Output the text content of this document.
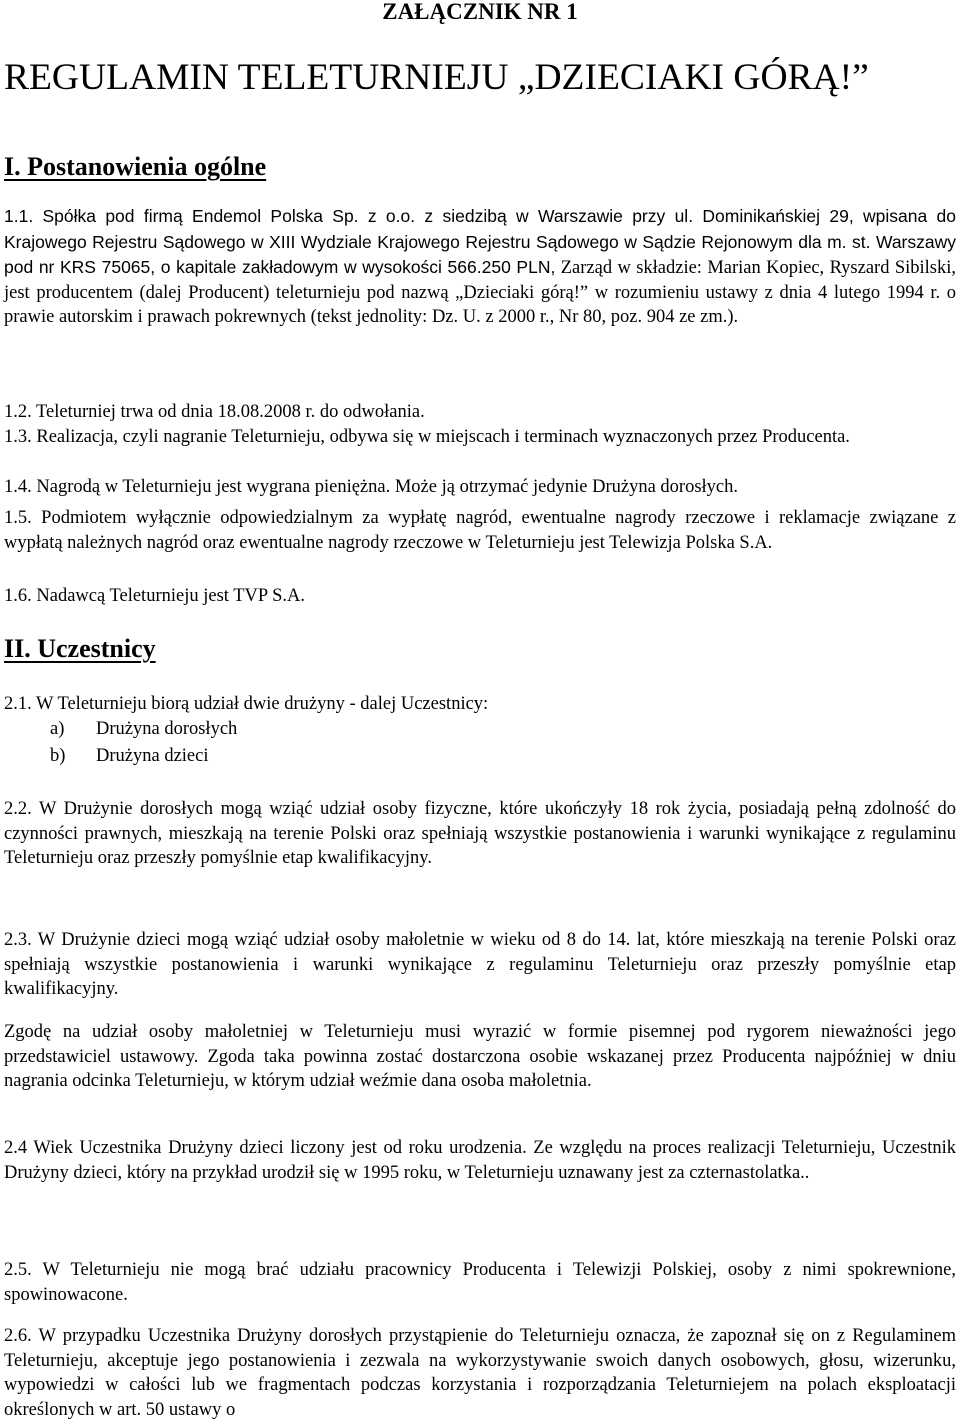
ZAŁĄCZNIK NR 1
REGULAMIN TELETURNIEJU „DZIECIAKI GÓRĄ!”
I. Postanowienia ogólne
1.1. Spółka pod firmą Endemol Polska Sp. z o.o. z siedzibą w Warszawie przy ul. Dominikańskiej 29, wpisana do Krajowego Rejestru Sądowego w XIII Wydziale Krajowego Rejestru Sądowego w Sądzie Rejonowym dla m. st. Warszawy pod nr KRS 75065, o kapitale zakładowym w wysokości 566.250 PLN, Zarząd w składzie: Marian Kopiec, Ryszard Sibilski, jest producentem (dalej Producent) teleturnieju pod nazwą „Dzieciaki górą!” w rozumieniu ustawy z dnia 4 lutego 1994 r. o prawie autorskim i prawach pokrewnych (tekst jednolity: Dz. U. z 2000 r., Nr 80, poz. 904 ze zm.).
1.2. Teleturniej trwa od dnia 18.08.2008 r. do odwołania.
1.3. Realizacja, czyli nagranie Teleturnieju, odbywa się w miejscach i terminach wyznaczonych przez Producenta.
1.4. Nagrodą w Teleturnieju jest wygrana pieniężna. Może ją otrzymać jedynie Drużyna dorosłych.
1.5. Podmiotem wyłącznie odpowiedzialnym za wypłatę nagród, ewentualne nagrody rzeczowe i reklamacje związane z wypłatą należnych nagród oraz ewentualne nagrody rzeczowe w Teleturnieju jest Telewizja Polska S.A.
1.6. Nadawcą Teleturnieju jest TVP S.A.
II. Uczestnicy
2.1. W Teleturnieju biorą udział dwie drużyny - dalej Uczestnicy:
a) Drużyna dorosłych
b) Drużyna dzieci
2.2. W Drużynie dorosłych mogą wziąć udział osoby fizyczne, które ukończyły 18 rok życia, posiadają pełną zdolność do czynności prawnych, mieszkają na terenie Polski oraz spełniają wszystkie postanowienia i warunki wynikające z regulaminu Teleturnieju oraz przeszły pomyślnie etap kwalifikacyjny.
2.3. W Drużynie dzieci mogą wziąć udział osoby małoletnie w wieku od 8 do 14. lat, które mieszkają na terenie Polski oraz spełniają wszystkie postanowienia i warunki wynikające z regulaminu Teleturnieju oraz przeszły pomyślnie etap kwalifikacyjny.
Zgodę na udział osoby małoletniej w Teleturnieju musi wyrazić w formie pisemnej pod rygorem nieważności jego przedstawiciel ustawowy. Zgoda taka powinna zostać dostarczona osobie wskazanej przez Producenta najpóźniej w dniu nagrania odcinka Teleturnieju, w którym udział weźmie dana osoba małoletnia.
2.4 Wiek Uczestnika Drużyny dzieci liczony jest od roku urodzenia. Ze względu na proces realizacji Teleturnieju, Uczestnik Drużyny dzieci, który na przykład urodził się w 1995 roku, w Teleturnieju uznawany jest za czternastolatka..
2.5. W Teleturnieju nie mogą brać udziału pracownicy Producenta i Telewizji Polskiej, osoby z nimi spokrewnione, spowinowacone.
2.6. W przypadku Uczestnika Drużyny dorosłych przystąpienie do Teleturnieju oznacza, że zapoznał się on z Regulaminem Teleturnieju, akceptuje jego postanowienia i zezwala na wykorzystywanie swoich danych osobowych, głosu, wizerunku, wypowiedzi w całości lub we fragmentach podczas korzystania i rozporządzania Teleturniejem na polach eksploatacji określonych w art. 50 ustawy o
